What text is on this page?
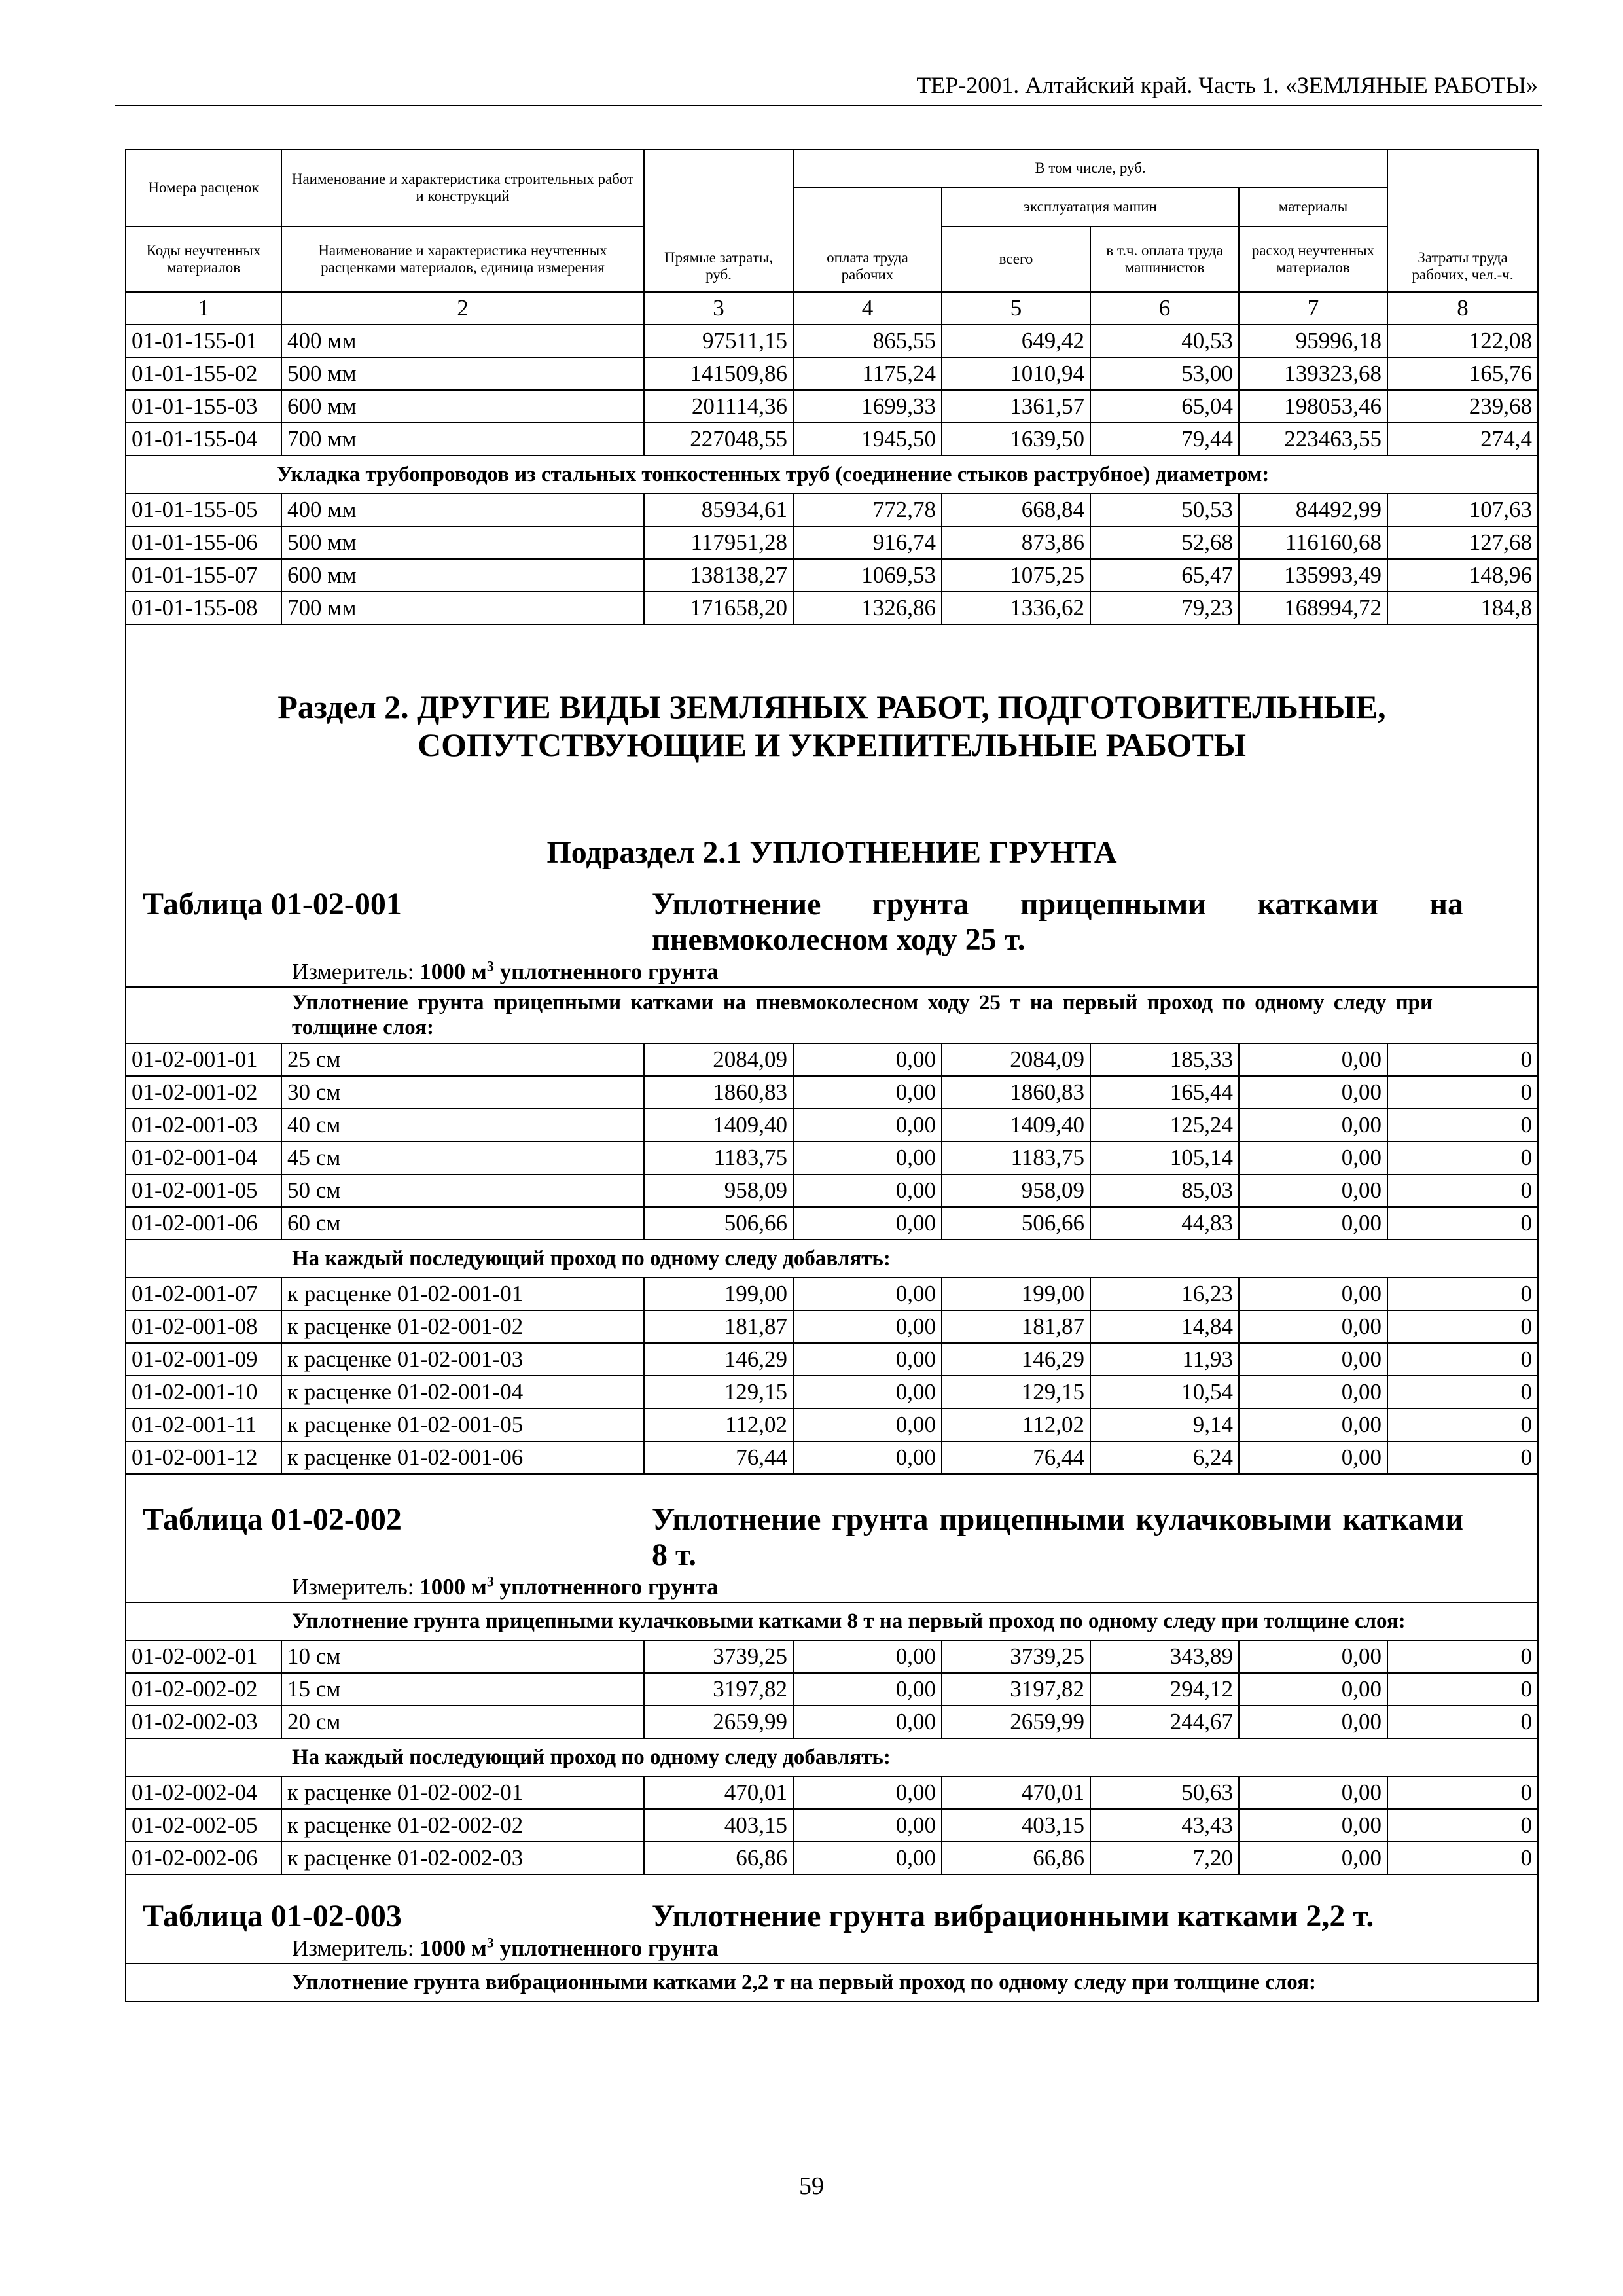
ТЕР-2001. Алтайский край. Часть 1. «ЗЕМЛЯНЫЕ РАБОТЫ»
Номера расценок	Наименование и характеристика строительных работ и конструкций	Прямые затраты, руб.	В том числе, руб.				Затраты труда рабочих, чел.-ч.
			оплата труда рабочих	эксплуатация машин		материалы	
Коды неучтенных материалов	Наименование и характеристика неучтенных расценками материалов, единица измерения			всего	в т.ч. оплата труда машинистов	расход неучтенных материалов	
1	2	3	4	5	6	7	8
01-01-155-01	400 мм	97511,15	865,55	649,42	40,53	95996,18	122,08
01-01-155-02	500 мм	141509,86	1175,24	1010,94	53,00	139323,68	165,76
01-01-155-03	600 мм	201114,36	1699,33	1361,57	65,04	198053,46	239,68
01-01-155-04	700 мм	227048,55	1945,50	1639,50	79,44	223463,55	274,4
Укладка трубопроводов из стальных тонкостенных труб (соединение стыков раструбное) диаметром:							
01-01-155-05	400 мм	85934,61	772,78	668,84	50,53	84492,99	107,63
01-01-155-06	500 мм	117951,28	916,74	873,86	52,68	116160,68	127,68
01-01-155-07	600 мм	138138,27	1069,53	1075,25	65,47	135993,49	148,96
01-01-155-08	700 мм	171658,20	1326,86	1336,62	79,23	168994,72	184,8

Раздел 2. ДРУГИЕ ВИДЫ ЗЕМЛЯНЫХ РАБОТ, ПОДГОТОВИТЕЛЬНЫЕ, СОПУТСТВУЮЩИЕ И УКРЕПИТЕЛЬНЫЕ РАБОТЫ
Подраздел 2.1 УПЛОТНЕНИЕ ГРУНТА
Таблица 01-02-001 Уплотнение грунта прицепными катками на пневмоколесном ходу 25 т.
Измеритель: 1000 $м^3$ уплотненного грунта							

Уплотнение грунта прицепными катками на пневмоколесном ходу 25 т на первый проход по одному следу при толщине слоя:							
01-02-001-01	25 см	2084,09	0,00	2084,09	185,33	0,00	0
01-02-001-02	30 см	1860,83	0,00	1860,83	165,44	0,00	0
01-02-001-03	40 см	1409,40	0,00	1409,40	125,24	0,00	0
01-02-001-04	45 см	1183,75	0,00	1183,75	105,14	0,00	0
01-02-001-05	50 см	958,09	0,00	958,09	85,03	0,00	0
01-02-001-06	60 см	506,66	0,00	506,66	44,83	0,00	0
На каждый последующий проход по одному следу добавлять:							
01-02-001-07	к расценке 01-02-001-01	199,00	0,00	199,00	16,23	0,00	0
01-02-001-08	к расценке 01-02-001-02	181,87	0,00	181,87	14,84	0,00	0
01-02-001-09	к расценке 01-02-001-03	146,29	0,00	146,29	11,93	0,00	0
01-02-001-10	к расценке 01-02-001-04	129,15	0,00	129,15	10,54	0,00	0
01-02-001-11	к расценке 01-02-001-05	112,02	0,00	112,02	9,14	0,00	0
01-02-001-12	к расценке 01-02-001-06	76,44	0,00	76,44	6,24	0,00	0

Таблица 01-02-002 Уплотнение грунта прицепными кулачковыми катками 8 т.
Измеритель: 1000 $м^3$ уплотненного грунта							

Уплотнение грунта прицепными кулачковыми катками 8 т на первый проход по одному следу при толщине слоя:							
01-02-002-01	10 см	3739,25	0,00	3739,25	343,89	0,00	0
01-02-002-02	15 см	3197,82	0,00	3197,82	294,12	0,00	0
01-02-002-03	20 см	2659,99	0,00	2659,99	244,67	0,00	0
На каждый последующий проход по одному следу добавлять:							
01-02-002-04	к расценке 01-02-002-01	470,01	0,00	470,01	50,63	0,00	0
01-02-002-05	к расценке 01-02-002-02	403,15	0,00	403,15	43,43	0,00	0
01-02-002-06	к расценке 01-02-002-03	66,86	0,00	66,86	7,20	0,00	0

Таблица 01-02-003 Уплотнение грунта вибрационными катками 2,2 т.
Измеритель: 1000 $м^3$ уплотненного грунта							

Уплотнение грунта вибрационными катками 2,2 т на первый проход по одному следу при толщине слоя:							
59
